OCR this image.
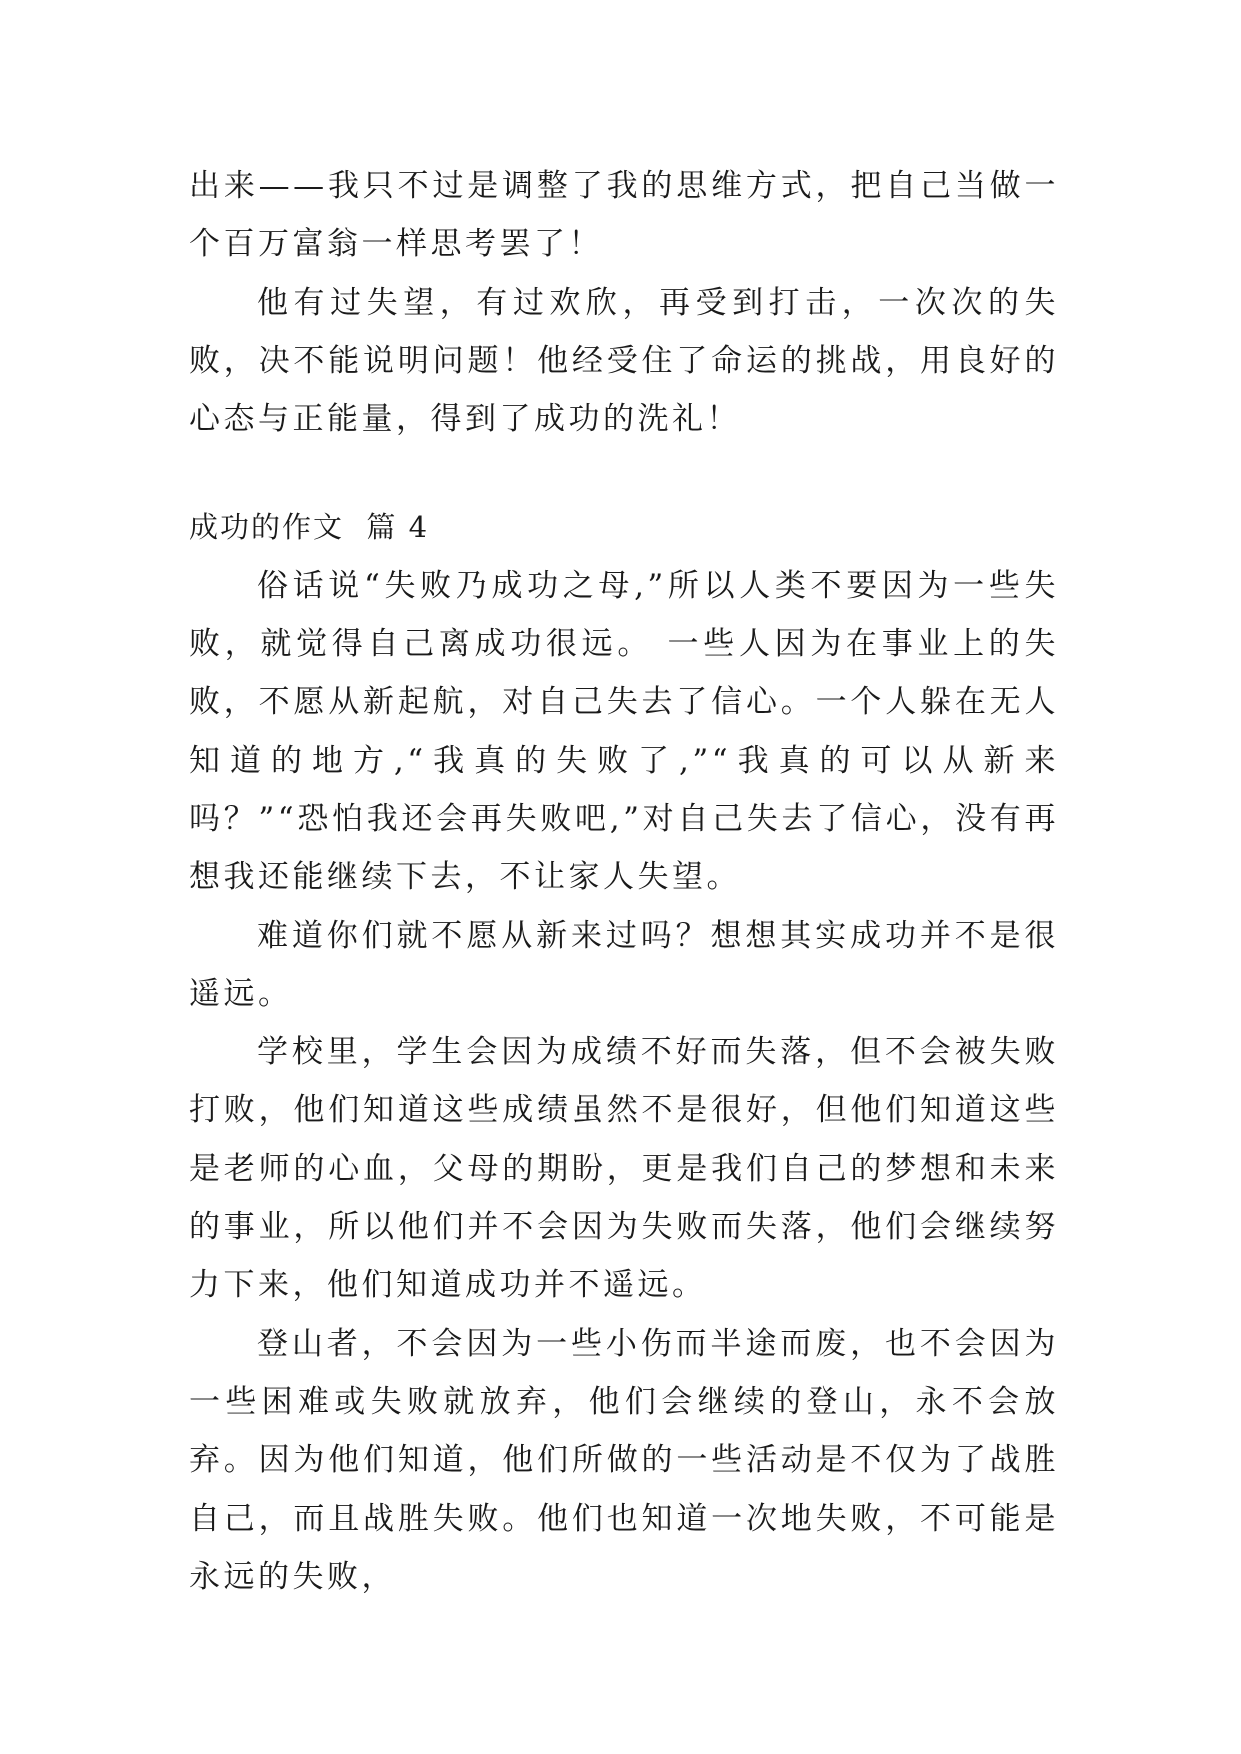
出来——我只不过是调整了我的思维方式，把自己当做一个百万富翁一样思考罢了！

他有过失望，有过欢欣，再受到打击，一次次的失败，决不能说明问题！他经受住了命运的挑战，用良好的心态与正能量，得到了成功的洗礼！

成功的作文  篇 4

俗话说“失败乃成功之母,”所以人类不要因为一些失败，就觉得自己离成功很远。 一些人因为在事业上的失败，不愿从新起航，对自己失去了信心。一个人躲在无人知道的地方,“我真的失败了,”“我真的可以从新来吗？”“恐怕我还会再失败吧,”对自己失去了信心，没有再想我还能继续下去，不让家人失望。

难道你们就不愿从新来过吗？想想其实成功并不是很遥远。

学校里，学生会因为成绩不好而失落，但不会被失败打败，他们知道这些成绩虽然不是很好，但他们知道这些是老师的心血，父母的期盼，更是我们自己的梦想和未来的事业，所以他们并不会因为失败而失落，他们会继续努力下来，他们知道成功并不遥远。

登山者，不会因为一些小伤而半途而废，也不会因为一些困难或失败就放弃，他们会继续的登山，永不会放弃。因为他们知道，他们所做的一些活动是不仅为了战胜自己，而且战胜失败。他们也知道一次地失败，不可能是永远的失败，
